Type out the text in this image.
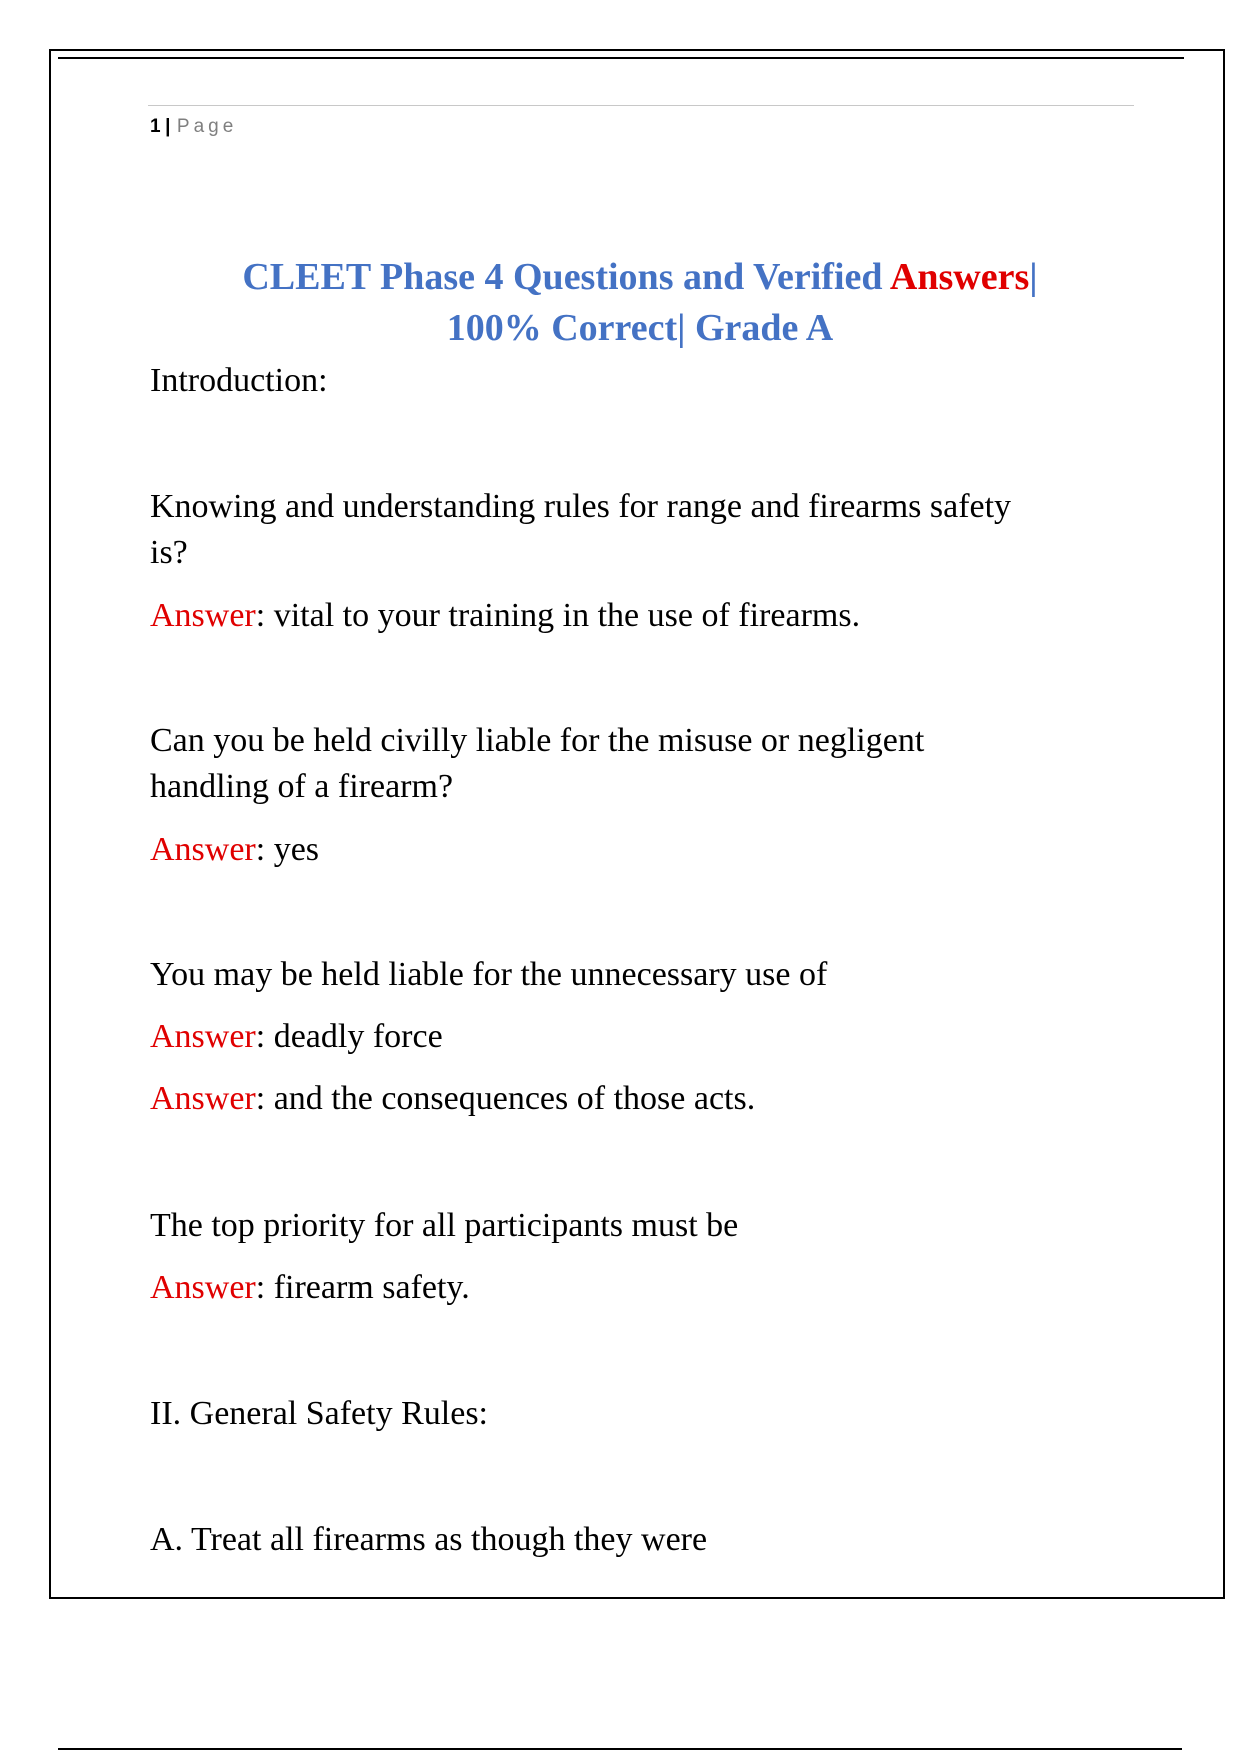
1 | Page
CLEET Phase 4 Questions and Verified Answers|
100% Correct| Grade A
Introduction:
Knowing and understanding rules for range and firearms safety
is?
Answer: vital to your training in the use of firearms.
Can you be held civilly liable for the misuse or negligent
handling of a firearm?
Answer: yes
You may be held liable for the unnecessary use of
Answer: deadly force
Answer: and the consequences of those acts.
The top priority for all participants must be
Answer: firearm safety.
II. General Safety Rules:
A. Treat all firearms as though they were
